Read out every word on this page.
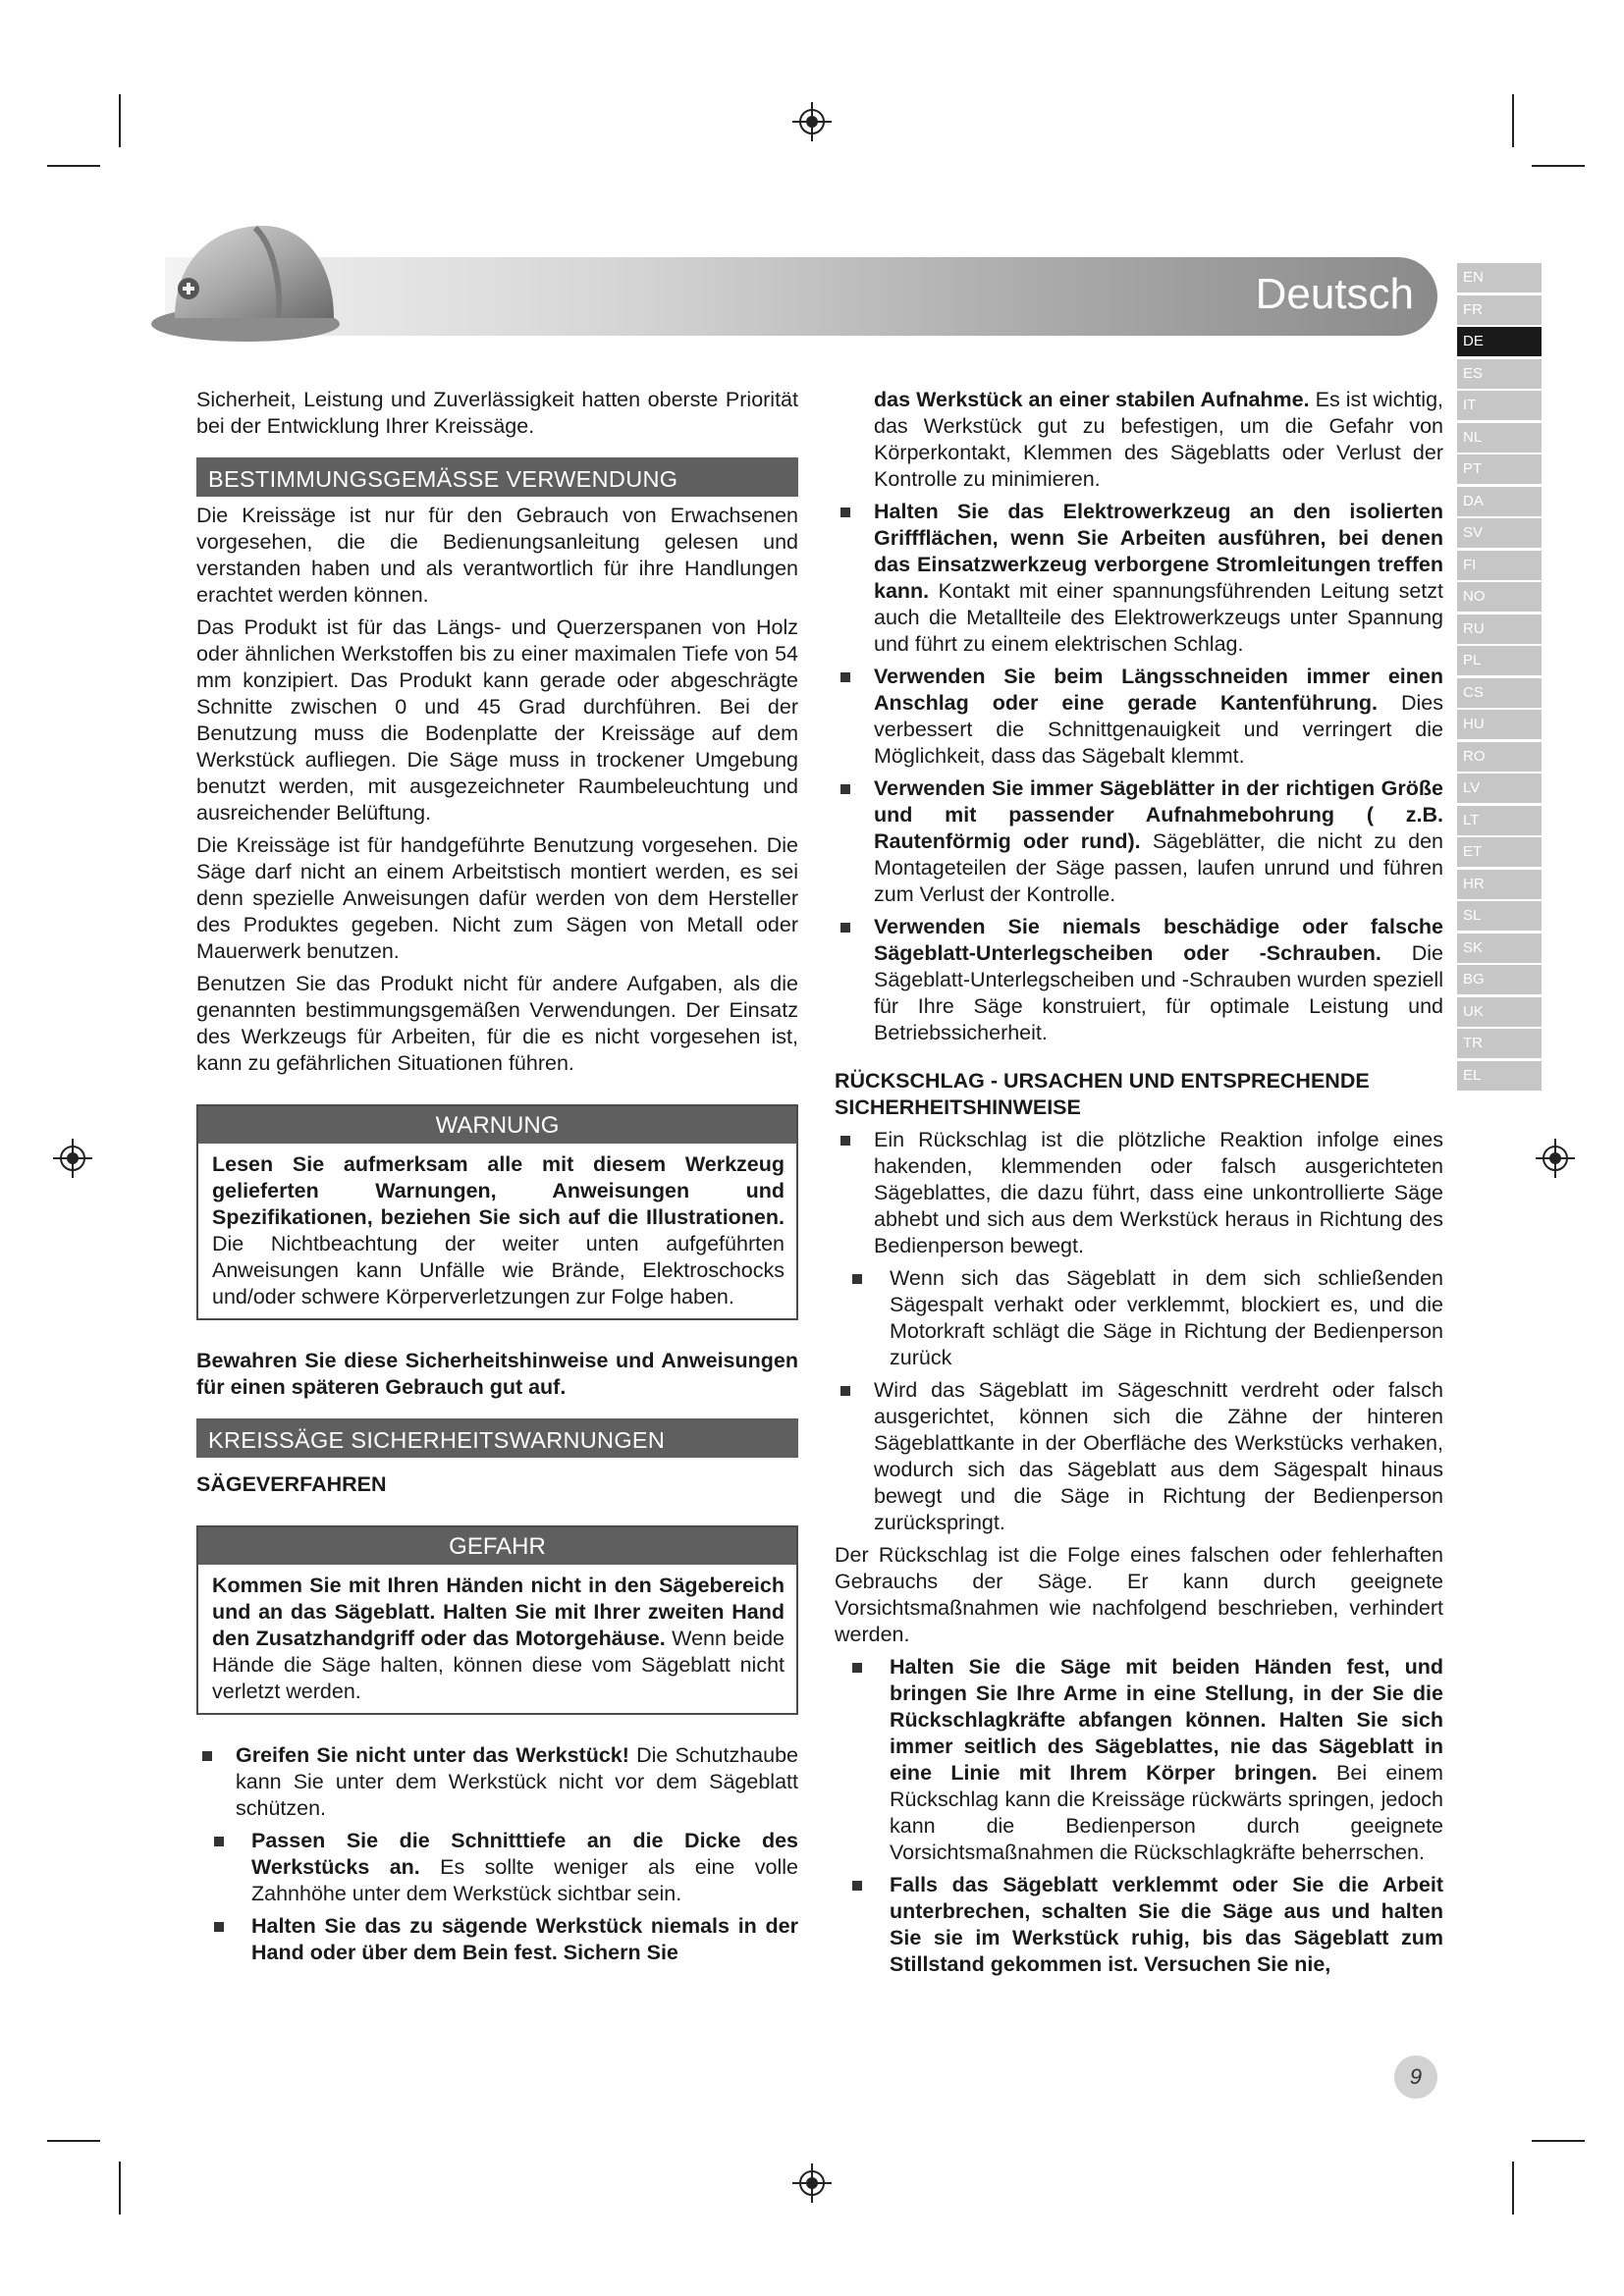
Deutsch	EN
FR
DE
ES
IT
NL
PT
DA
SV
FI
NO
RU
PL
CS
HU
RO
LV
LT
ET
HR
SL
SK
BG
UK
TR
EL

Sicherheit, Leistung und Zuverlässigkeit hatten oberste Priorität bei der Entwicklung Ihrer Kreissäge.

BESTIMMUNGSGEMÄSSE VERWENDUNG

Die Kreissäge ist nur für den Gebrauch von Erwachsenen vorgesehen, die die Bedienungsanleitung gelesen und verstanden haben und als verantwortlich für ihre Handlungen erachtet werden können.

Das Produkt ist für das Längs- und Querzerspanen von Holz oder ähnlichen Werkstoffen bis zu einer maximalen Tiefe von 54 mm konzipiert. Das Produkt kann gerade oder abgeschrägte Schnitte zwischen 0 und 45 Grad durchführen. Bei der Benutzung muss die Bodenplatte der Kreissäge auf dem Werkstück aufliegen. Die Säge muss in trockener Umgebung benutzt werden, mit ausgezeichneter Raumbeleuchtung und ausreichender Belüftung.

Die Kreissäge ist für handgeführte Benutzung vorgesehen. Die Säge darf nicht an einem Arbeitstisch montiert werden, es sei denn spezielle Anweisungen dafür werden von dem Hersteller des Produktes gegeben. Nicht zum Sägen von Metall oder Mauerwerk benutzen.

Benutzen Sie das Produkt nicht für andere Aufgaben, als die genannten bestimmungsgemäßen Verwendungen. Der Einsatz des Werkzeugs für Arbeiten, für die es nicht vorgesehen ist, kann zu gefährlichen Situationen führen.

WARNUNG
Lesen Sie aufmerksam alle mit diesem Werkzeug gelieferten Warnungen, Anweisungen und Spezifikationen, beziehen Sie sich auf die Illustrationen. Die Nichtbeachtung der weiter unten aufgeführten Anweisungen kann Unfälle wie Brände, Elektroschocks und/oder schwere Körperverletzungen zur Folge haben.

Bewahren Sie diese Sicherheitshinweise und Anweisungen für einen späteren Gebrauch gut auf.

KREISSÄGE SICHERHEITSWARNUNGEN
SÄGEVERFAHREN
GEFAHR
Kommen Sie mit Ihren Händen nicht in den Sägebereich und an das Sägeblatt. Halten Sie mit Ihrer zweiten Hand den Zusatzhandgriff oder das Motorgehäuse. Wenn beide Hände die Säge halten, können diese vom Sägeblatt nicht verletzt werden.
Greifen Sie nicht unter das Werkstück! Die Schutzhaube kann Sie unter dem Werkstück nicht vor dem Sägeblatt schützen.
Passen Sie die Schnitttiefe an die Dicke des Werkstücks an. Es sollte weniger als eine volle Zahnhöhe unter dem Werkstück sichtbar sein.
Halten Sie das zu sägende Werkstück niemals in der Hand oder über dem Bein fest. Sichern Sie

das Werkstück an einer stabilen Aufnahme. Es ist wichtig, das Werkstück gut zu befestigen, um die Gefahr von Körperkontakt, Klemmen des Sägeblatts oder Verlust der Kontrolle zu minimieren.

Halten Sie das Elektrowerkzeug an den isolierten Griffflächen, wenn Sie Arbeiten ausführen, bei denen das Einsatzwerkzeug verborgene Stromleitungen treffen kann. Kontakt mit einer spannungsführenden Leitung setzt auch die Metallteile des Elektrowerkzeugs unter Spannung und führt zu einem elektrischen Schlag.
Verwenden Sie beim Längsschneiden immer einen Anschlag oder eine gerade Kantenführung. Dies verbessert die Schnittgenauigkeit und verringert die Möglichkeit, dass das Sägebalt klemmt.
Verwenden Sie immer Sägeblätter in der richtigen Größe und mit passender Aufnahmebohrung ( z.B. Rautenförmig oder rund). Sägeblätter, die nicht zu den Montageteilen der Säge passen, laufen unrund und führen zum Verlust der Kontrolle.
Verwenden Sie niemals beschädige oder falsche Sägeblatt-Unterlegscheiben oder -Schrauben. Die Sägeblatt-Unterlegscheiben und -Schrauben wurden speziell für Ihre Säge konstruiert, für optimale Leistung und Betriebssicherheit.
RÜCKSCHLAG - URSACHEN UND ENTSPRECHENDE SICHERHEITSHINWEISE
Ein Rückschlag ist die plötzliche Reaktion infolge eines hakenden, klemmenden oder falsch ausgerichteten Sägeblattes, die dazu führt, dass eine unkontrollierte Säge abhebt und sich aus dem Werkstück heraus in Richtung des Bedienperson bewegt.
Wenn sich das Sägeblatt in dem sich schließenden Sägespalt verhakt oder verklemmt, blockiert es, und die Motorkraft schlägt die Säge in Richtung der Bedienperson zurück
Wird das Sägeblatt im Sägeschnitt verdreht oder falsch ausgerichtet, können sich die Zähne der hinteren Sägeblattkante in der Oberfläche des Werkstücks verhaken, wodurch sich das Sägeblatt aus dem Sägespalt hinaus bewegt und die Säge in Richtung der Bedienperson zurückspringt.

Der Rückschlag ist die Folge eines falschen oder fehlerhaften Gebrauchs der Säge. Er kann durch geeignete Vorsichtsmaßnahmen wie nachfolgend beschrieben, verhindert werden.

Halten Sie die Säge mit beiden Händen fest, und bringen Sie Ihre Arme in eine Stellung, in der Sie die Rückschlagkräfte abfangen können. Halten Sie sich immer seitlich des Sägeblattes, nie das Sägeblatt in eine Linie mit Ihrem Körper bringen. Bei einem Rückschlag kann die Kreissäge rückwärts springen, jedoch kann die Bedienperson durch geeignete Vorsichtsmaßnahmen die Rückschlagkräfte beherrschen.
Falls das Sägeblatt verklemmt oder Sie die Arbeit unterbrechen, schalten Sie die Säge aus und halten Sie sie im Werkstück ruhig, bis das Sägeblatt zum Stillstand gekommen ist. Versuchen Sie nie,
9
